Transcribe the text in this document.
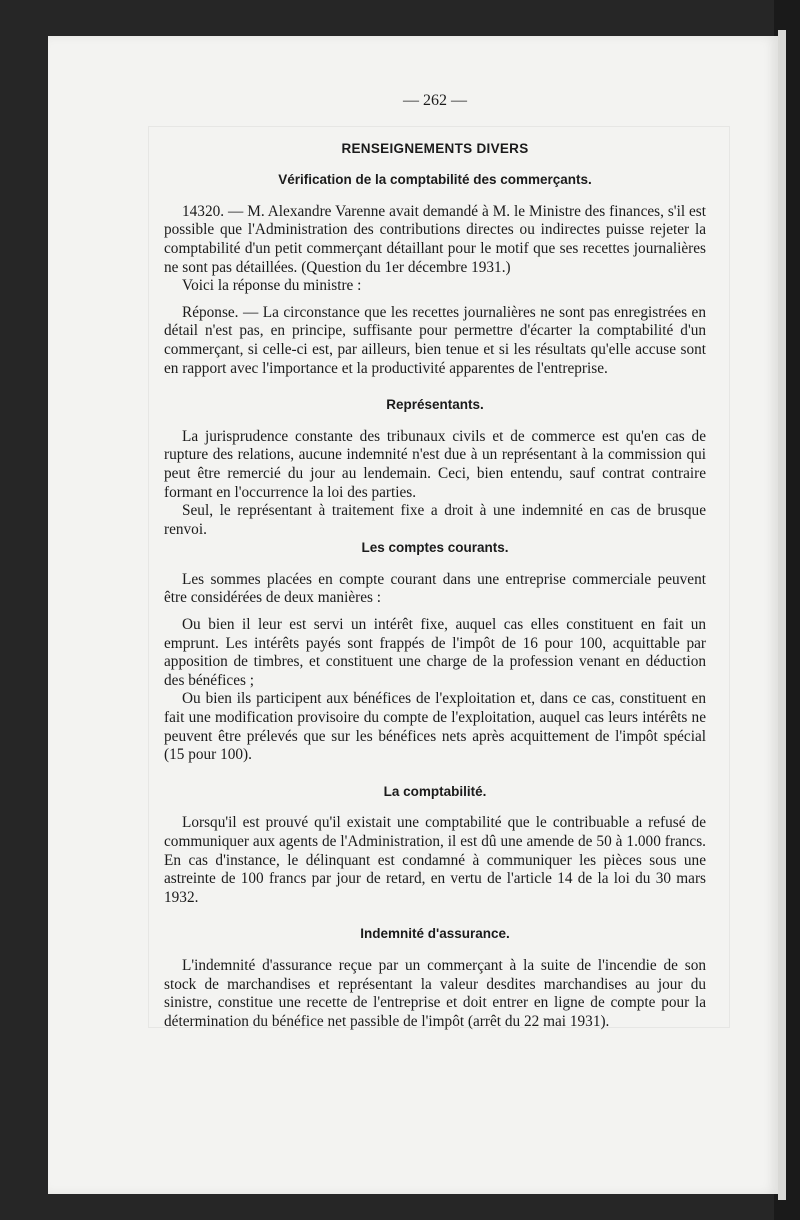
— 262 —
RENSEIGNEMENTS DIVERS
Vérification de la comptabilité des commerçants.

14320. — M. Alexandre Varenne avait demandé à M. le Ministre des finances, s'il est possible que l'Administration des contributions directes ou indirectes puisse rejeter la comptabilité d'un petit commerçant détaillant pour le motif que ses recettes journalières ne sont pas détaillées. (Question du 1er décembre 1931.)

Voici la réponse du ministre :

Réponse. — La circonstance que les recettes journalières ne sont pas enregistrées en détail n'est pas, en principe, suffisante pour permettre d'écarter la comptabilité d'un commerçant, si celle-ci est, par ailleurs, bien tenue et si les résultats qu'elle accuse sont en rapport avec l'importance et la productivité apparentes de l'entreprise.

Représentants.

La jurisprudence constante des tribunaux civils et de commerce est qu'en cas de rupture des relations, aucune indemnité n'est due à un représentant à la commission qui peut être remercié du jour au lendemain. Ceci, bien entendu, sauf contrat contraire formant en l'occurrence la loi des parties.

Seul, le représentant à traitement fixe a droit à une indemnité en cas de brusque renvoi.

Les comptes courants.

Les sommes placées en compte courant dans une entreprise commerciale peuvent être considérées de deux manières :

Ou bien il leur est servi un intérêt fixe, auquel cas elles constituent en fait un emprunt. Les intérêts payés sont frappés de l'impôt de 16 pour 100, acquittable par apposition de timbres, et constituent une charge de la profession venant en déduction des bénéfices ;

Ou bien ils participent aux bénéfices de l'exploitation et, dans ce cas, constituent en fait une modification provisoire du compte de l'exploitation, auquel cas leurs intérêts ne peuvent être prélevés que sur les bénéfices nets après acquittement de l'impôt spécial (15 pour 100).

La comptabilité.

Lorsqu'il est prouvé qu'il existait une comptabilité que le contribuable a refusé de communiquer aux agents de l'Administration, il est dû une amende de 50 à 1.000 francs. En cas d'instance, le délinquant est condamné à communiquer les pièces sous une astreinte de 100 francs par jour de retard, en vertu de l'article 14 de la loi du 30 mars 1932.

Indemnité d'assurance.

L'indemnité d'assurance reçue par un commerçant à la suite de l'incendie de son stock de marchandises et représentant la valeur desdites marchandises au jour du sinistre, constitue une recette de l'entreprise et doit entrer en ligne de compte pour la détermination du bénéfice net passible de l'impôt (arrêt du 22 mai 1931).
